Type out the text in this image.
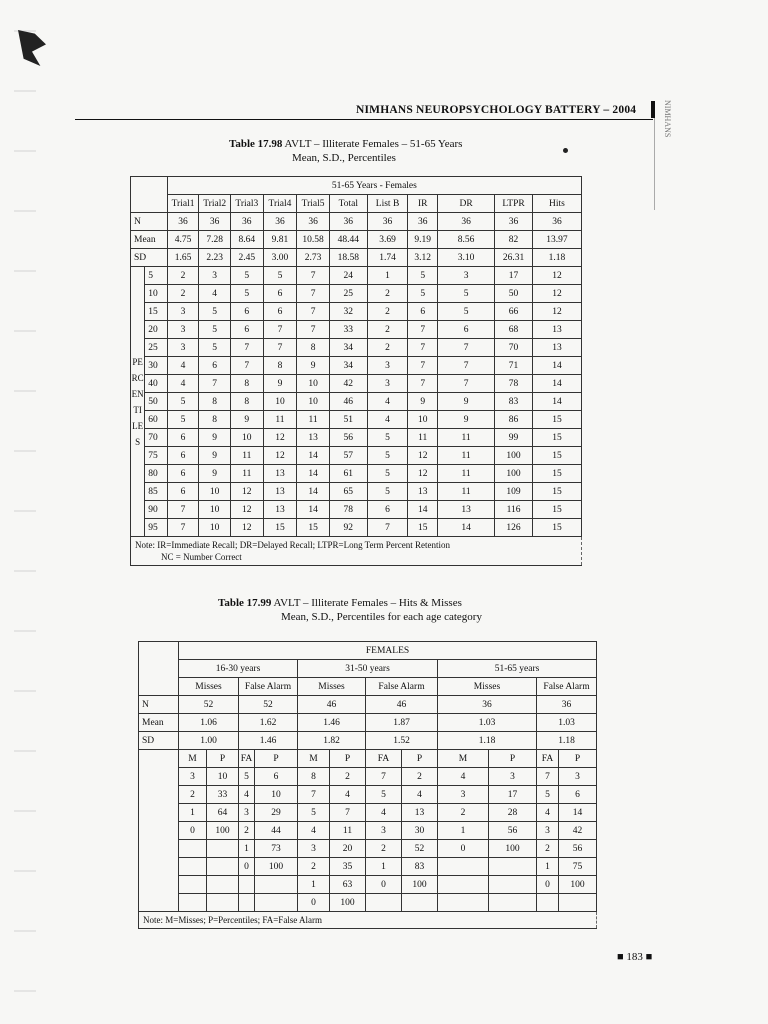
NIMHANS NEUROPSYCHOLOGY BATTERY – 2004	NIMHANS
Table 17.98 AVLT – Illiterate Females – 51-65 Years
Mean, S.D., Percentiles
		51-65 Years - Females										
		Trial1	Trial2	Trial3	Trial4	Trial5	Total	List B	IR	DR	LTPR	Hits
N		36	36	36	36	36	36	36	36	36	36	36
Mean		4.75	7.28	8.64	9.81	10.58	48.44	3.69	9.19	8.56	82	13.97
SD		1.65	2.23	2.45	3.00	2.73	18.58	1.74	3.12	3.10	26.31	1.18
PERCENTILES	5	2	3	5	5	7	24	1	5	3	17	12
	10	2	4	5	6	7	25	2	5	5	50	12
	15	3	5	6	6	7	32	2	6	5	66	12
	20	3	5	6	7	7	33	2	7	6	68	13
	25	3	5	7	7	8	34	2	7	7	70	13
	30	4	6	7	8	9	34	3	7	7	71	14
	40	4	7	8	9	10	42	3	7	7	78	14
	50	5	8	8	10	10	46	4	9	9	83	14
	60	5	8	9	11	11	51	4	10	9	86	15
	70	6	9	10	12	13	56	5	11	11	99	15
	75	6	9	11	12	14	57	5	12	11	100	15
	80	6	9	11	13	14	61	5	12	11	100	15
	85	6	10	12	13	14	65	5	13	11	109	15
	90	7	10	12	13	14	78	6	14	13	116	15
	95	7	10	12	15	15	92	7	15	14	126	15

Note: IR=Immediate Recall; DR=Delayed Recall; LTPR=Long Term Percent Retention
NC = Number Correct												
Table 17.99 AVLT – Illiterate Females – Hits & Misses
Mean, S.D., Percentiles for each age category
	FEMALES											
	16-30 years				31-50 years				51-65 years			
	Misses		False Alarm		Misses		False Alarm		Misses		False Alarm	
N	52		52		46		46		36		36	
Mean	1.06		1.62		1.46		1.87		1.03		1.03	
SD	1.00		1.46		1.82		1.52		1.18		1.18	
	M	P	FA	P	M	P	FA	P	M	P	FA	P
	3	10	5	6	8	2	7	2	4	3	7	3
	2	33	4	10	7	4	5	4	3	17	5	6
	1	64	3	29	5	7	4	13	2	28	4	14
	0	100	2	44	4	11	3	30	1	56	3	42
			1	73	3	20	2	52	0	100	2	56
			0	100	2	35	1	83			1	75
					1	63	0	100			0	100
					0	100						
Note: M=Misses; P=Percentiles; FA=False Alarm												
■ 183 ■
